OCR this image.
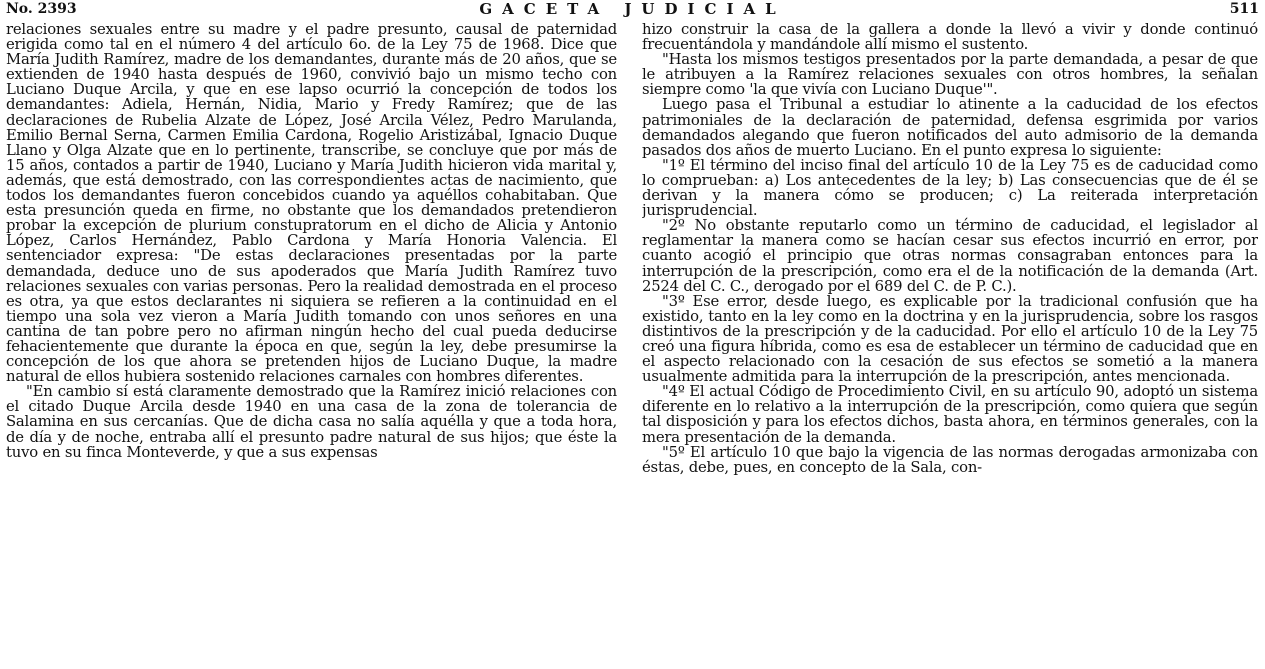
No. 2393	GACETA JUDICIAL	511

relaciones sexuales entre su madre y el padre presunto, causal de paternidad erigida como tal en el número 4 del artículo 6o. de la Ley 75 de 1968. Dice que María Judith Ramírez, madre de los demandantes, durante más de 20 años, que se extienden de 1940 hasta después de 1960, convivió bajo un mismo techo con Luciano Duque Arcila, y que en ese lapso ocurrió la concepción de todos los demandantes: Adiela, Hernán, Nidia, Mario y Fredy Ramírez; que de las declaraciones de Rubelia Alzate de López, José Arcila Vélez, Pedro Marulanda, Emilio Bernal Serna, Carmen Emilia Cardona, Rogelio Aristizábal, Ignacio Duque Llano y Olga Alzate que en lo pertinente, transcribe, se concluye que por más de 15 años, contados a partir de 1940, Luciano y María Judith hicieron vida marital y, además, que está demostrado, con las correspondientes actas de nacimiento, que todos los demandantes fueron concebidos cuando ya aquéllos cohabitaban. Que esta presunción queda en firme, no obstante que los demandados pretendieron probar la excepción de plurium constupratorum en el dicho de Alicia y Antonio López, Carlos Hernández, Pablo Cardona y María Honoria Valencia. El sentenciador expresa: "De estas declaraciones presentadas por la parte demandada, deduce uno de sus apoderados que María Judith Ramírez tuvo relaciones sexuales con varias personas. Pero la realidad demostrada en el proceso es otra, ya que estos declarantes ni siquiera se refieren a la continuidad en el tiempo una sola vez vieron a María Judith tomando con unos señores en una cantina de tan pobre pero no afirman ningún hecho del cual pueda deducirse fehacientemente que durante la época en que, según la ley, debe presumirse la concepción de los que ahora se pretenden hijos de Luciano Duque, la madre natural de ellos hubiera sostenido relaciones carnales con hombres diferentes.

"En cambio sí está claramente demostrado que la Ramírez inició relaciones con el citado Duque Arcila desde 1940 en una casa de la zona de tolerancia de Salamina en sus cercanías. Que de dicha casa no salía aquélla y que a toda hora, de día y de noche, entraba allí el presunto padre natural de sus hijos; que éste la tuvo en su finca Monteverde, y que a sus expensas

hizo construir la casa de la gallera a donde la llevó a vivir y donde continuó frecuentándola y mandándole allí mismo el sustento.

"Hasta los mismos testigos presentados por la parte demandada, a pesar de que le atribuyen a la Ramírez relaciones sexuales con otros hombres, la señalan siempre como 'la que vivía con Luciano Duque'".

Luego pasa el Tribunal a estudiar lo atinente a la caducidad de los efectos patrimoniales de la declaración de paternidad, defensa esgrimida por varios demandados alegando que fueron notificados del auto admisorio de la demanda pasados dos años de muerto Luciano. En el punto expresa lo siguiente:

"1º El término del inciso final del artículo 10 de la Ley 75 es de caducidad como lo comprueban: a) Los antecedentes de la ley; b) Las consecuencias que de él se derivan y la manera cómo se producen; c) La reiterada interpretación jurisprudencial.

"2º No obstante reputarlo como un término de caducidad, el legislador al reglamentar la manera como se hacían cesar sus efectos incurrió en error, por cuanto acogió el principio que otras normas consagraban entonces para la interrupción de la prescripción, como era el de la notificación de la demanda (Art. 2524 del C. C., derogado por el 689 del C. de P. C.).

"3º Ese error, desde luego, es explicable por la tradicional confusión que ha existido, tanto en la ley como en la doctrina y en la jurisprudencia, sobre los rasgos distintivos de la prescripción y de la caducidad. Por ello el artículo 10 de la Ley 75 creó una figura híbrida, como es esa de establecer un término de caducidad que en el aspecto relacionado con la cesación de sus efectos se sometió a la manera usualmente admitida para la interrupción de la prescripción, antes mencionada.

"4º El actual Código de Procedimiento Civil, en su artículo 90, adoptó un sistema diferente en lo relativo a la interrupción de la prescripción, como quiera que según tal disposición y para los efectos dichos, basta ahora, en términos generales, con la mera presentación de la demanda.

"5º El artículo 10 que bajo la vigencia de las normas derogadas armonizaba con éstas, debe, pues, en concepto de la Sala, con-
